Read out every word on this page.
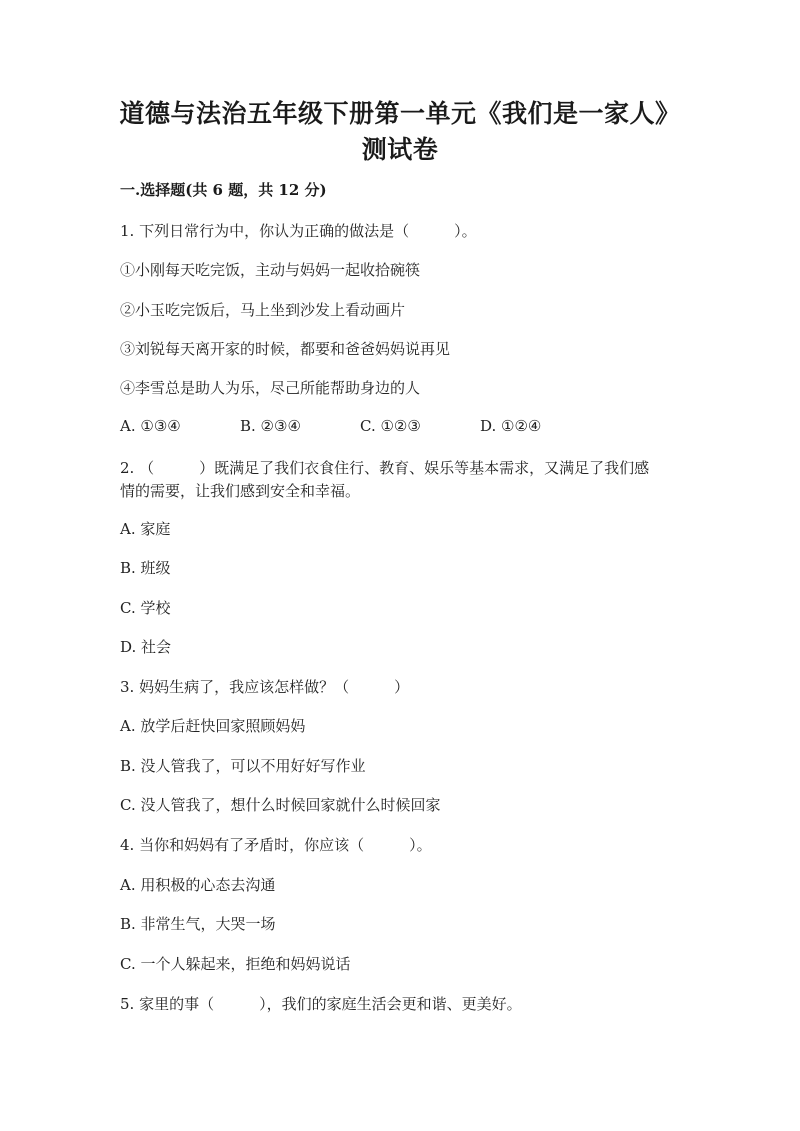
道德与法治五年级下册第一单元《我们是一家人》
测试卷
一.选择题(共 6 题，共 12 分)
1. 下列日常行为中，你认为正确的做法是（　　　）。
①小刚每天吃完饭，主动与妈妈一起收拾碗筷
②小玉吃完饭后，马上坐到沙发上看动画片
③刘锐每天离开家的时候，都要和爸爸妈妈说再见
④李雪总是助人为乐，尽己所能帮助身边的人
A. ①③④	B. ②③④	C. ①②③	D. ①②④
2. （　　　）既满足了我们衣食住行、教育、娱乐等基本需求，又满足了我们感
情的需要，让我们感到安全和幸福。
A. 家庭
B. 班级
C. 学校
D. 社会
3. 妈妈生病了，我应该怎样做？（　　　）
A. 放学后赶快回家照顾妈妈
B. 没人管我了，可以不用好好写作业
C. 没人管我了，想什么时候回家就什么时候回家
4. 当你和妈妈有了矛盾时，你应该（　　　）。
A. 用积极的心态去沟通
B. 非常生气，大哭一场
C. 一个人躲起来，拒绝和妈妈说话
5. 家里的事（　　　），我们的家庭生活会更和谐、更美好。
